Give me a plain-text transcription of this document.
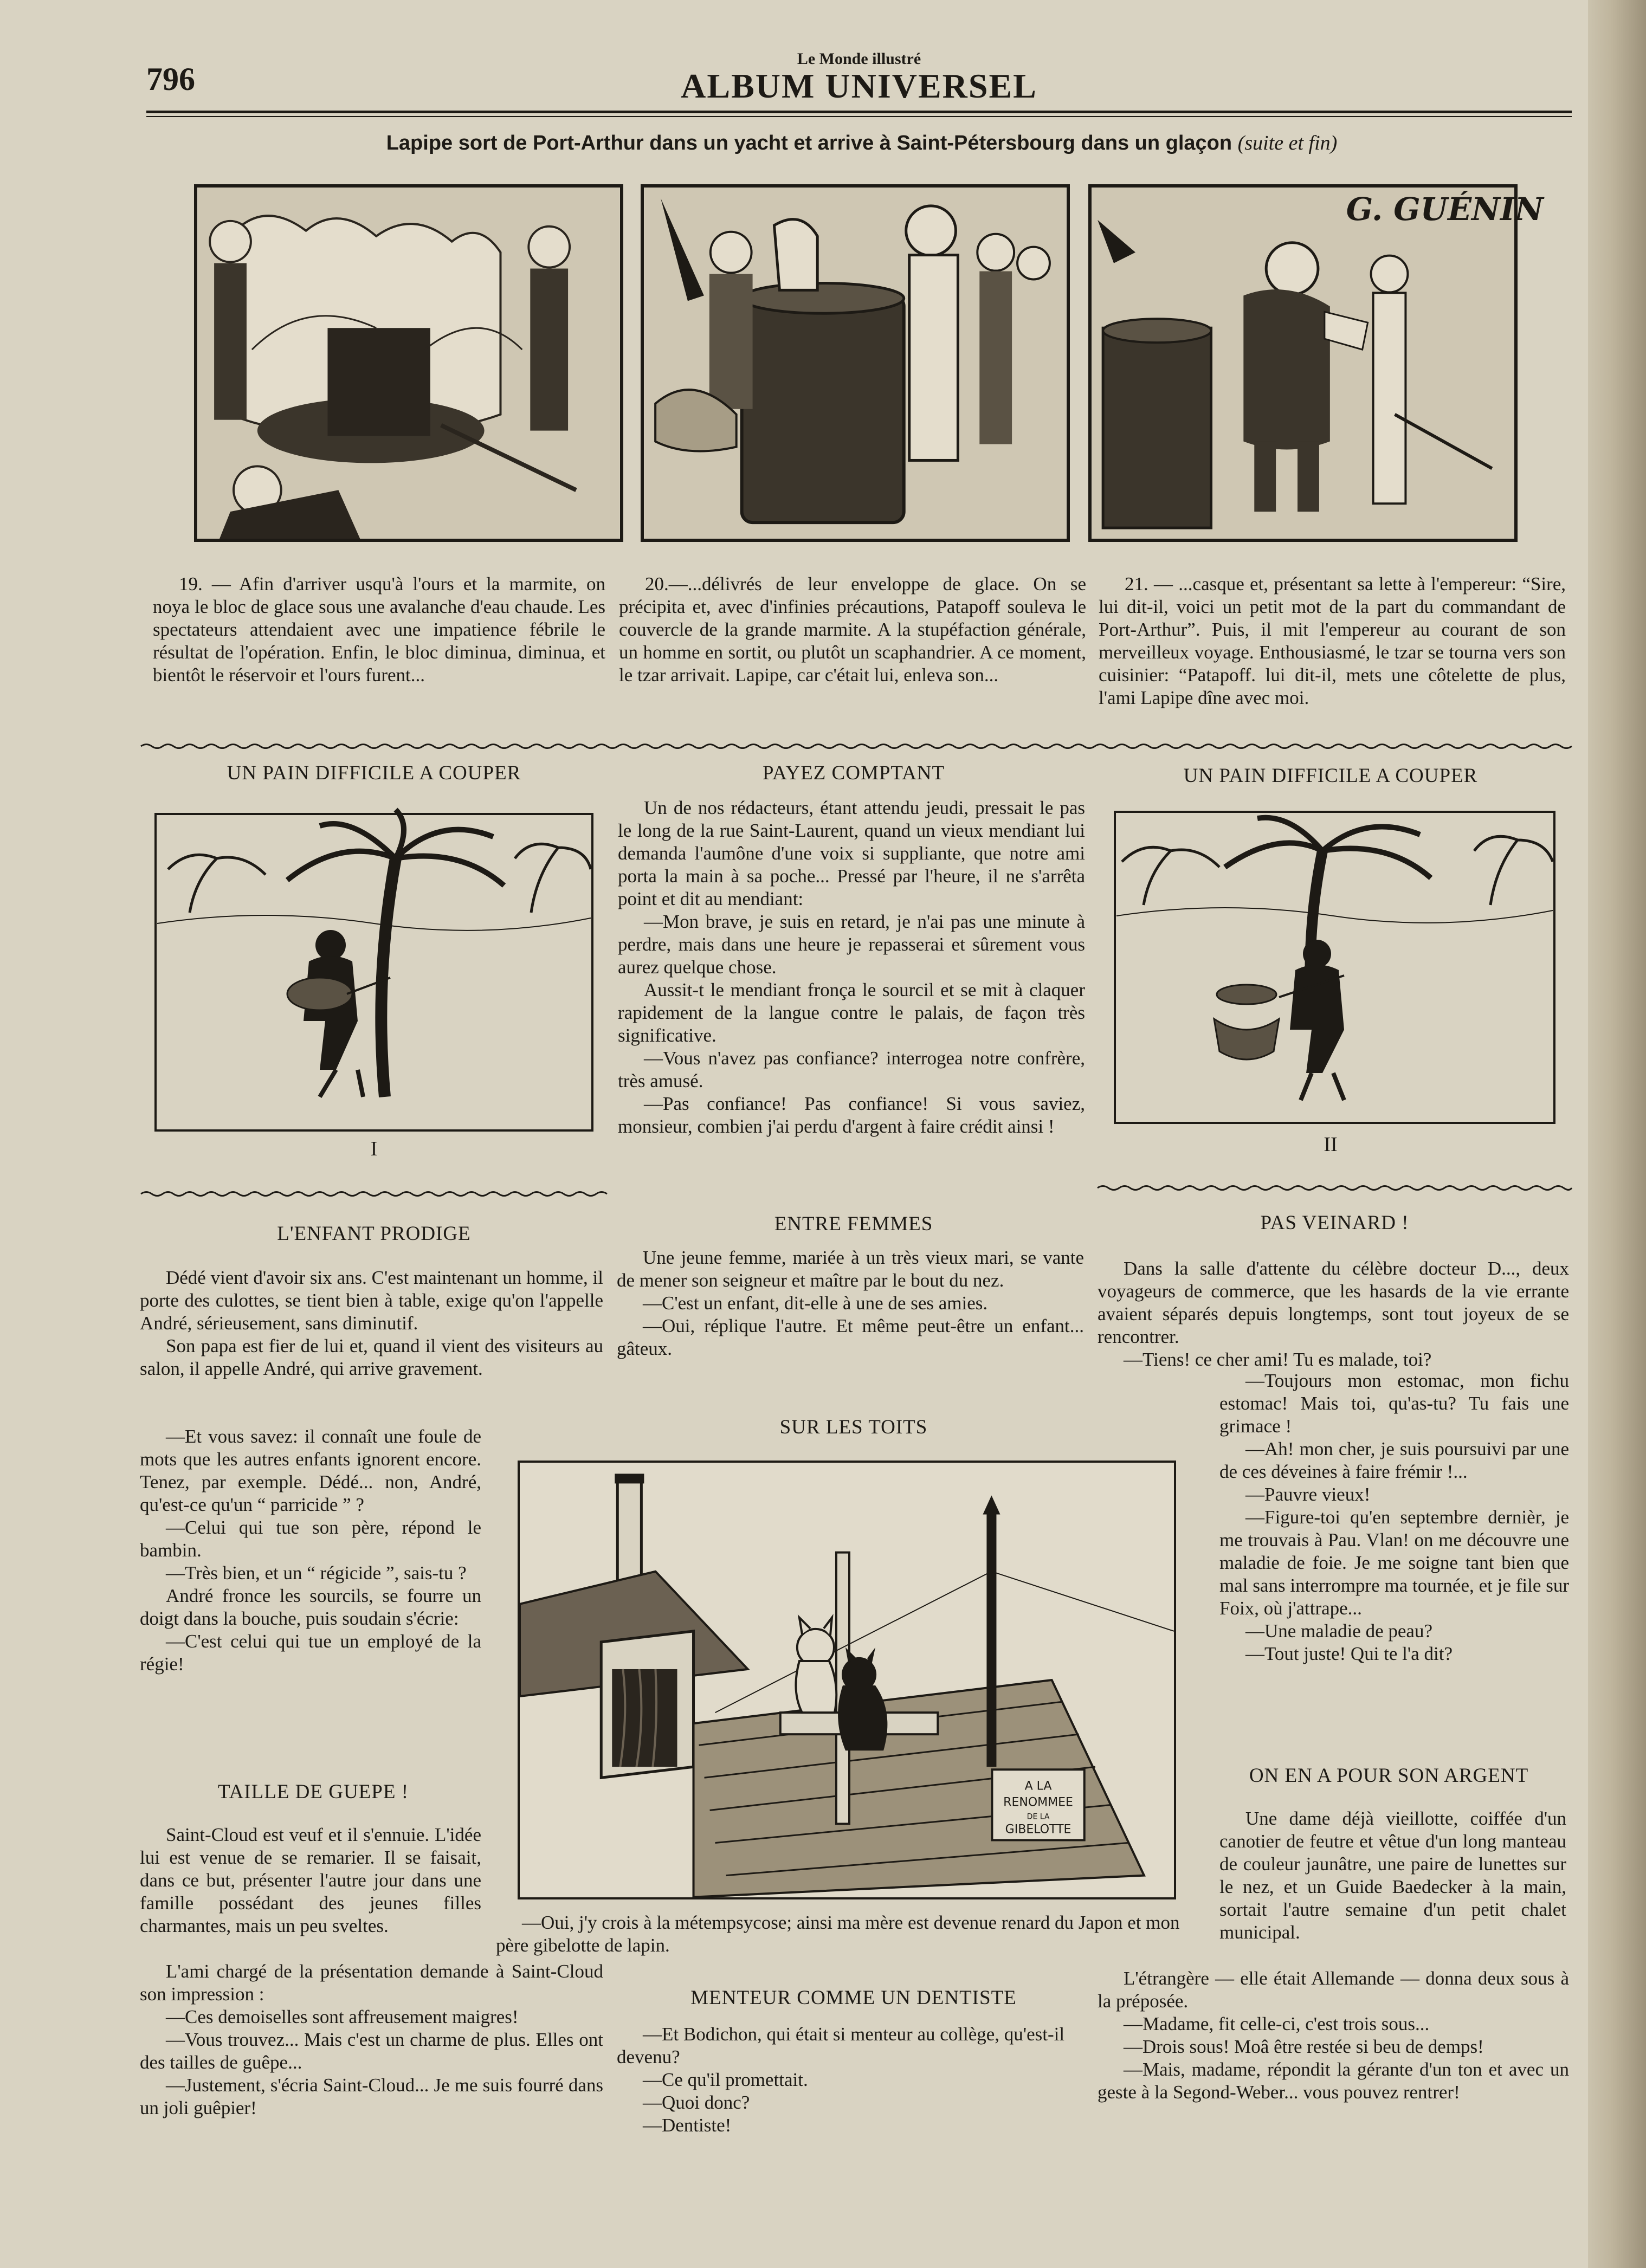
796
Le Monde illustré
ALBUM UNIVERSEL
Lapipe sort de Port-Arthur dans un yacht et arrive à Saint-Pétersbourg dans un glaçon (suite et fin)
G. GUÉNIN

19. — Afin d'arriver usqu'à l'ours et la marmite, on noya le bloc de glace sous une avalanche d'eau chaude. Les spectateurs attendaient avec une impatience fébrile le résultat de l'opération. Enfin, le bloc diminua, diminua, et bientôt le réservoir et l'ours furent...

20.—...délivrés de leur enveloppe de glace. On se précipita et, avec d'infinies précautions, Patapoff souleva le couvercle de la grande marmite. A la stupéfaction générale, un homme en sortit, ou plutôt un scaphandrier. A ce moment, le tzar arrivait. Lapipe, car c'était lui, enleva son...

21. — ...casque et, présentant sa lette à l'empereur: “Sire, lui dit-il, voici un petit mot de la part du commandant de Port-Arthur”. Puis, il mit l'empereur au courant de son merveilleux voyage. Enthousiasmé, le tzar se tourna vers son cuisinier: “Patapoff. lui dit-il, mets une côtelette de plus, l'ami Lapipe dîne avec moi.

UN PAIN DIFFICILE A COUPER
I
PAYEZ COMPTANT

Un de nos rédacteurs, étant attendu jeudi, pressait le pas le long de la rue Saint-Laurent, quand un vieux mendiant lui demanda l'aumône d'une voix si suppliante, que notre ami porta la main à sa poche... Pressé par l'heure, il ne s'arrêta point et dit au mendiant:

—Mon brave, je suis en retard, je n'ai pas une minute à perdre, mais dans une heure je repasserai et sûrement vous aurez quelque chose.

Aussit-t le mendiant fronça le sourcil et se mit à claquer rapidement de la langue contre le palais, de façon très significative.

—Vous n'avez pas confiance? interrogea notre confrère, très amusé.

—Pas confiance! Pas confiance! Si vous saviez, monsieur, combien j'ai perdu d'argent à faire crédit ainsi !

UN PAIN DIFFICILE A COUPER
II
L'ENFANT PRODIGE

Dédé vient d'avoir six ans. C'est maintenant un homme, il porte des culottes, se tient bien à table, exige qu'on l'appelle André, sérieusement, sans diminutif.

Son papa est fier de lui et, quand il vient des visiteurs au salon, il appelle André, qui arrive gravement.

—Et vous savez: il connaît une foule de mots que les autres enfants ignorent encore. Tenez, par exemple. Dédé... non, André, qu'est-ce qu'un “ parricide ” ?

—Celui qui tue son père, répond le bambin.

—Très bien, et un “ régicide ”, sais-tu ?

André fronce les sourcils, se fourre un doigt dans la bouche, puis soudain s'écrie:

—C'est celui qui tue un employé de la régie!

ENTRE FEMMES

Une jeune femme, mariée à un très vieux mari, se vante de mener son seigneur et maître par le bout du nez.

—C'est un enfant, dit-elle à une de ses amies.

—Oui, réplique l'autre. Et même peut-être un enfant... gâteux.

SUR LES TOITS
A LA
RENOMMEE
DE LA
GIBELOTTE

—Oui, j'y crois à la métempsycose; ainsi ma mère est devenue renard du Japon et mon père gibelotte de lapin.

TAILLE DE GUEPE !

Saint-Cloud est veuf et il s'ennuie. L'idée lui est venue de se remarier. Il se faisait, dans ce but, présenter l'autre jour dans une famille possédant des jeunes filles charmantes, mais un peu sveltes.

L'ami chargé de la présentation demande à Saint-Cloud son impression :

—Ces demoiselles sont affreusement maigres!

—Vous trouvez... Mais c'est un charme de plus. Elles ont des tailles de guêpe...

—Justement, s'écria Saint-Cloud... Je me suis fourré dans un joli guêpier!

MENTEUR COMME UN DENTISTE

—Et Bodichon, qui était si menteur au collège, qu'est-il devenu?

—Ce qu'il promettait.

—Quoi donc?

—Dentiste!

PAS VEINARD !

Dans la salle d'attente du célèbre docteur D..., deux voyageurs de commerce, que les hasards de la vie errante avaient séparés depuis longtemps, sont tout joyeux de se rencontrer.

—Tiens! ce cher ami! Tu es malade, toi?

—Toujours mon estomac, mon fichu estomac! Mais toi, qu'as-tu? Tu fais une grimace !

—Ah! mon cher, je suis poursuivi par une de ces déveines à faire frémir !...

—Pauvre vieux!

—Figure-toi qu'en septembre dernièr, je me trouvais à Pau. Vlan! on me découvre une maladie de foie. Je me soigne tant bien que mal sans interrompre ma tournée, et je file sur Foix, où j'attrape...

—Une maladie de peau?

—Tout juste! Qui te l'a dit?

ON EN A POUR SON ARGENT

Une dame déjà vieillotte, coiffée d'un canotier de feutre et vêtue d'un long manteau de couleur jaunâtre, une paire de lunettes sur le nez, et un Guide Baedecker à la main, sortait l'autre semaine d'un petit chalet municipal.

L'étrangère — elle était Allemande — donna deux sous à la préposée.

—Madame, fit celle-ci, c'est trois sous...

—Drois sous! Moâ être restée si beu de demps!

—Mais, madame, répondit la gérante d'un ton et avec un geste à la Segond-Weber... vous pouvez rentrer!
